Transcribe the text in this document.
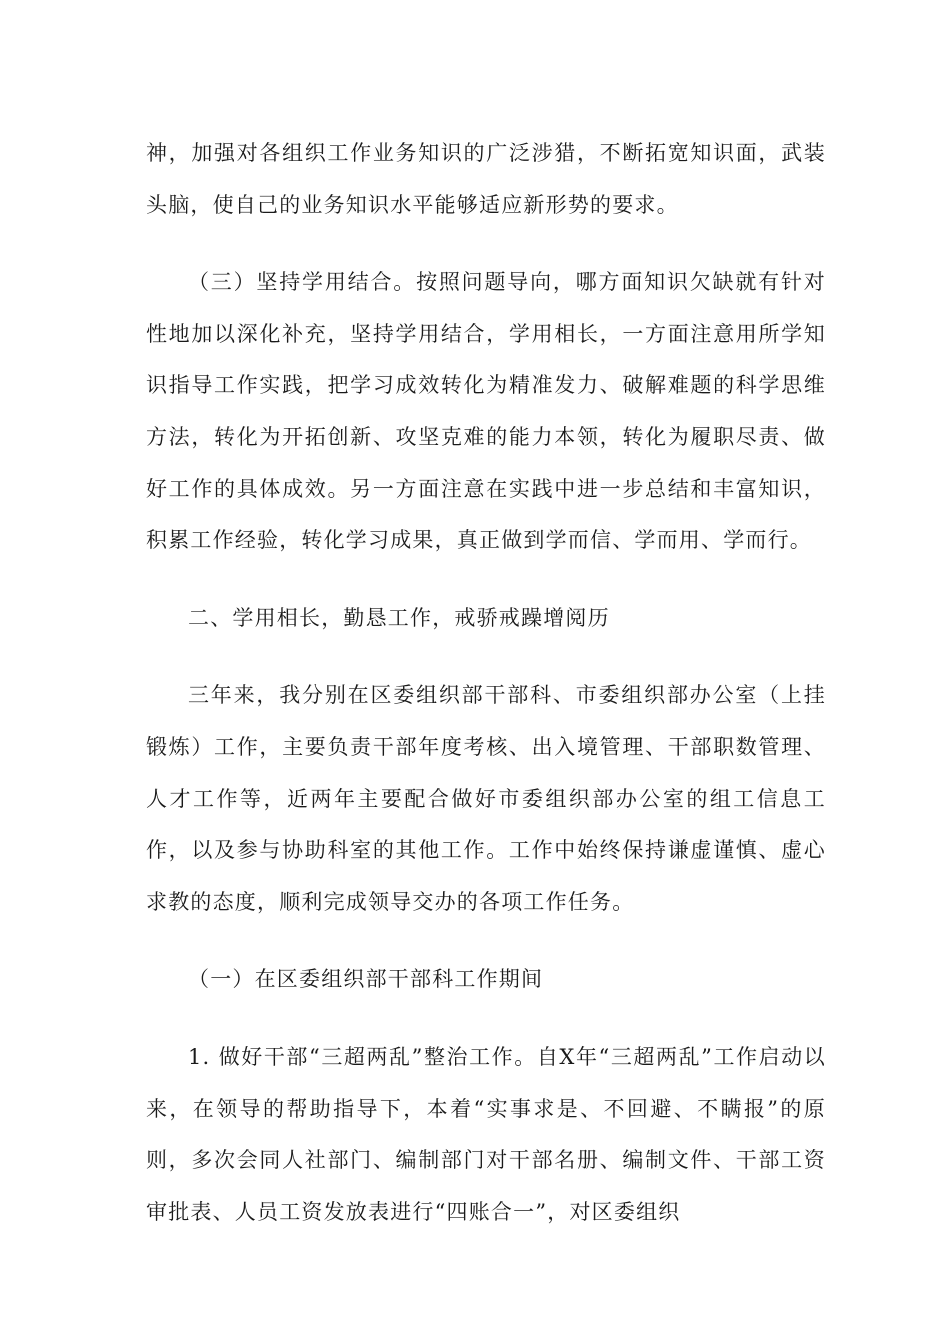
神，加强对各组织工作业务知识的广泛涉猎，不断拓宽知识面，武装头脑，使自己的业务知识水平能够适应新形势的要求。

（三）坚持学用结合。按照问题导向，哪方面知识欠缺就有针对性地加以深化补充，坚持学用结合，学用相长，一方面注意用所学知识指导工作实践，把学习成效转化为精准发力、破解难题的科学思维方法，转化为开拓创新、攻坚克难的能力本领，转化为履职尽责、做好工作的具体成效。另一方面注意在实践中进一步总结和丰富知识，积累工作经验，转化学习成果，真正做到学而信、学而用、学而行。

二、学用相长，勤恳工作，戒骄戒躁增阅历

三年来，我分别在区委组织部干部科、市委组织部办公室（上挂锻炼）工作，主要负责干部年度考核、出入境管理、干部职数管理、人才工作等，近两年主要配合做好市委组织部办公室的组工信息工作，以及参与协助科室的其他工作。工作中始终保持谦虚谨慎、虚心求教的态度，顺利完成领导交办的各项工作任务。

（一）在区委组织部干部科工作期间

1. 做好干部“三超两乱”整治工作。自X年“三超两乱”工作启动以来，在领导的帮助指导下，本着“实事求是、不回避、不瞒报”的原则，多次会同人社部门、编制部门对干部名册、编制文件、干部工资审批表、人员工资发放表进行“四账合一”，对区委组织
